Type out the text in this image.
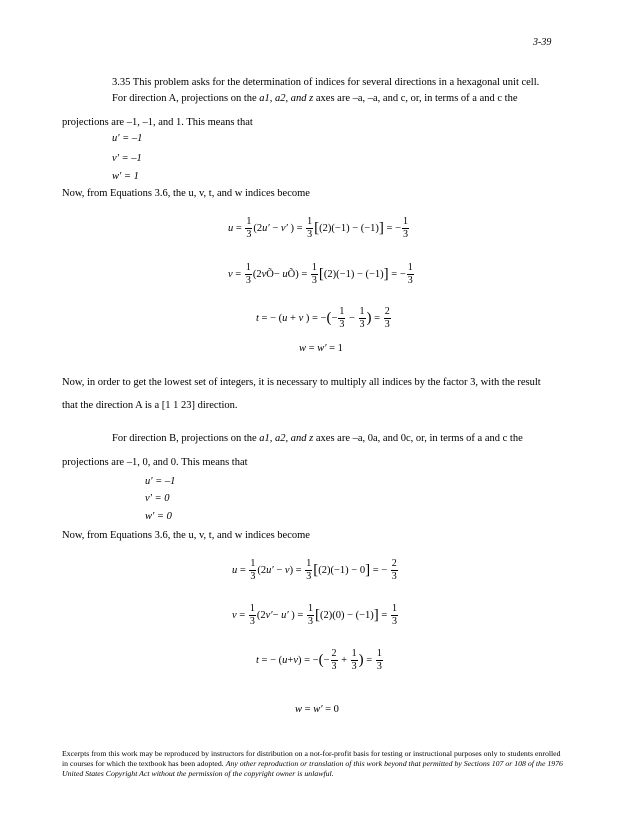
3-39
3.35 This problem asks for the determination of indices for several directions in a hexagonal unit cell.
For direction A, projections on the a1, a2, and z axes are –a, –a, and c, or, in terms of a and c the
projections are –1, –1, and 1. This means that
u' = –1
v' = –1
w' = 1
Now, from Equations 3.6, the u, v, t, and w indices become
$u = \frac{1}{3} (2u' - v'$ ) = $\frac{1}{3} [(2)(-1) - (-1)]$ = − $\frac{1}{3}$
$v = \frac{1}{3}$ (2vÕ− uÕ) = $\frac{1}{3} [(2)(-1) - (-1)]$ = − $\frac{1}{3}$
t = − (u + v ) = −(− $\frac{1}{3} - \frac{1}{3}$ ) = $\frac{2}{3}$
w = w′ = 1
Now, in order to get the lowest set of integers, it is necessary to multiply all indices by the factor 3, with the result
that the direction A is a [1 1 23] direction.
For direction B, projections on the a1, a2, and z axes are –a, 0a, and 0c, or, in terms of a and c the
projections are –1, 0, and 0. This means that
u' = –1
v' = 0
w' = 0
Now, from Equations 3.6, the u, v, t, and w indices become
$u = \frac{1}{3} (2u' - v) = \frac{1}{3} [(2)(-1) - 0]$ = − $\frac{2}{3}$
$v = \frac{1}{3} (2v'- u'$ ) = $\frac{1}{3} [(2)(0) - (-1)] = \frac{1}{3}$
t = − (u+v) = −(− $\frac{2}{3} + \frac{1}{3}$ ) = $\frac{1}{3}$
w = w′ = 0
Excerpts from this work may be reproduced by instructors for distribution on a not-for-profit basis for testing or instructional purposes only to students enrolled in courses for which the textbook has been adopted. Any other reproduction or translation of this work beyond that permitted by Sections 107 or 108 of the 1976 United States Copyright Act without the permission of the copyright owner is unlawful.
